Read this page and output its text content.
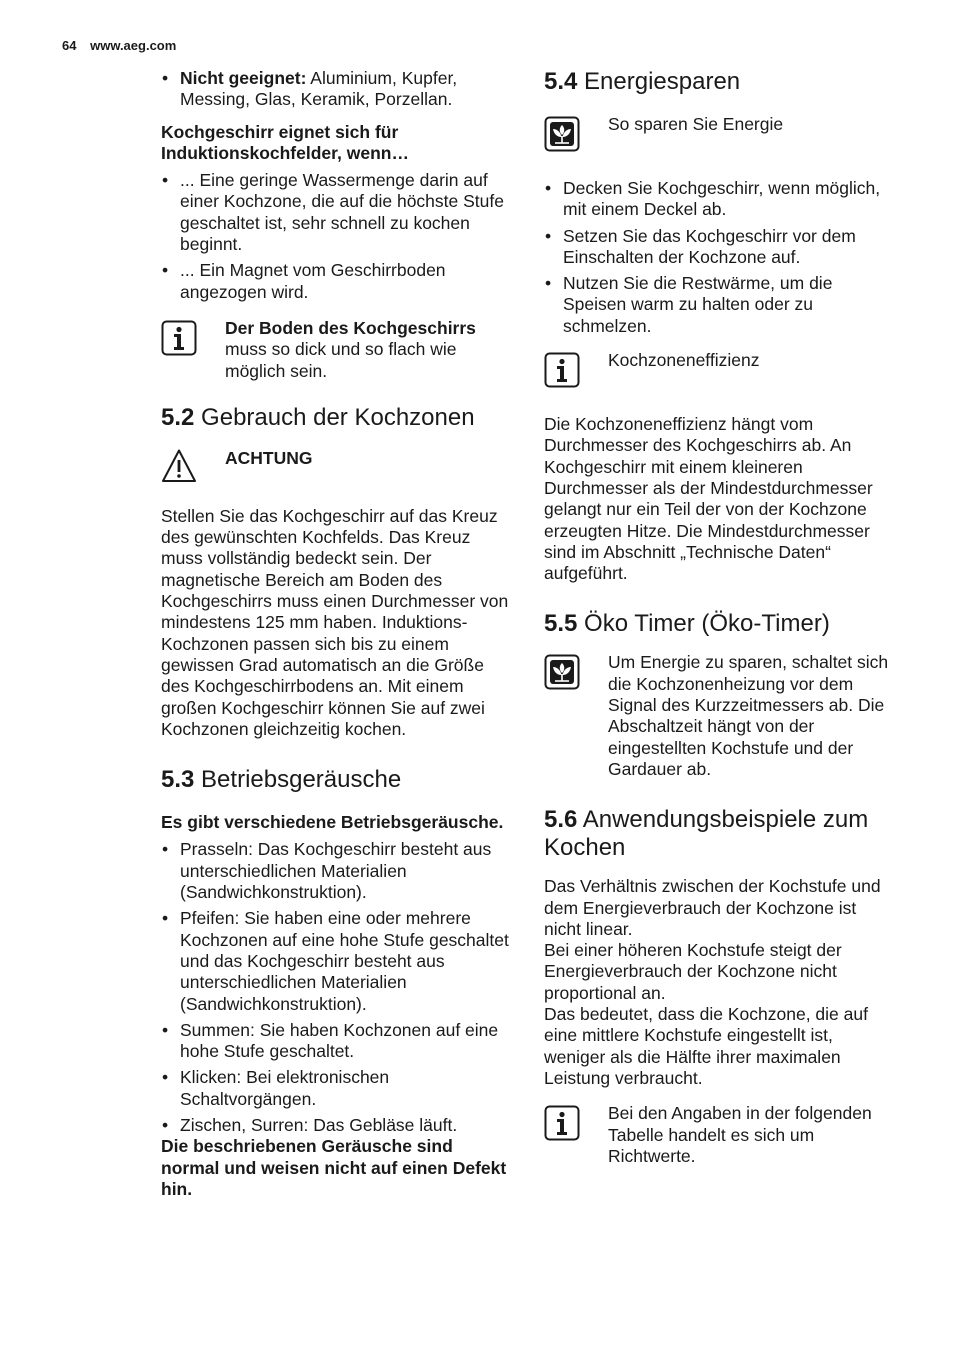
64 www.aeg.com
• Nicht geeignet: Aluminium, Kupfer, Messing, Glas, Keramik, Porzellan.

Kochgeschirr eignet sich für Induktionskochfelder, wenn…

• ... Eine geringe Wassermenge darin auf einer Kochzone, die auf die höchste Stufe geschaltet ist, sehr schnell zu kochen beginnt.
• ... Ein Magnet vom Geschirrboden angezogen wird.

Der Boden des Kochgeschirrs muss so dick und so flach wie möglich sein.

5.2 Gebrauch der Kochzonen

ACHTUNG

Stellen Sie das Kochgeschirr auf das Kreuz des gewünschten Kochfelds. Das Kreuz muss vollständig bedeckt sein. Der magnetische Bereich am Boden des Kochgeschirrs muss einen Durchmesser von mindestens 125 mm haben. Induktions-Kochzonen passen sich bis zu einem gewissen Grad automatisch an die Größe des Kochgeschirrbodens an. Mit einem großen Kochgeschirr können Sie auf zwei Kochzonen gleichzeitig kochen.

5.3 Betriebsgeräusche

Es gibt verschiedene Betriebsgeräusche.

• Prasseln: Das Kochgeschirr besteht aus unterschiedlichen Materialien (Sandwichkonstruktion).
• Pfeifen: Sie haben eine oder mehrere Kochzonen auf eine hohe Stufe geschaltet und das Kochgeschirr besteht aus unterschiedlichen Materialien (Sandwichkonstruktion).
• Summen: Sie haben Kochzonen auf eine hohe Stufe geschaltet.
• Klicken: Bei elektronischen Schaltvorgängen.
• Zischen, Surren: Das Gebläse läuft.

Die beschriebenen Geräusche sind normal und weisen nicht auf einen Defekt hin.

5.4 Energiesparen

So sparen Sie Energie

• Decken Sie Kochgeschirr, wenn möglich, mit einem Deckel ab.
• Setzen Sie das Kochgeschirr vor dem Einschalten der Kochzone auf.
• Nutzen Sie die Restwärme, um die Speisen warm zu halten oder zu schmelzen.

Kochzoneneffizienz

Die Kochzoneneffizienz hängt vom Durchmesser des Kochgeschirrs ab. An Kochgeschirr mit einem kleineren Durchmesser als der Mindestdurchmesser gelangt nur ein Teil der von der Kochzone erzeugten Hitze. Die Mindestdurchmesser sind im Abschnitt „Technische Daten“ aufgeführt.

5.5 Öko Timer (Öko-Timer)

Um Energie zu sparen, schaltet sich die Kochzonenheizung vor dem Signal des Kurzzeitmessers ab. Die Abschaltzeit hängt von der eingestellten Kochstufe und der Gardauer ab.

5.6 Anwendungsbeispiele zum Kochen

Das Verhältnis zwischen der Kochstufe und dem Energieverbrauch der Kochzone ist nicht linear.

Bei einer höheren Kochstufe steigt der Energieverbrauch der Kochzone nicht proportional an.

Das bedeutet, dass die Kochzone, die auf eine mittlere Kochstufe eingestellt ist, weniger als die Hälfte ihrer maximalen Leistung verbraucht.

Bei den Angaben in der folgenden Tabelle handelt es sich um Richtwerte.
